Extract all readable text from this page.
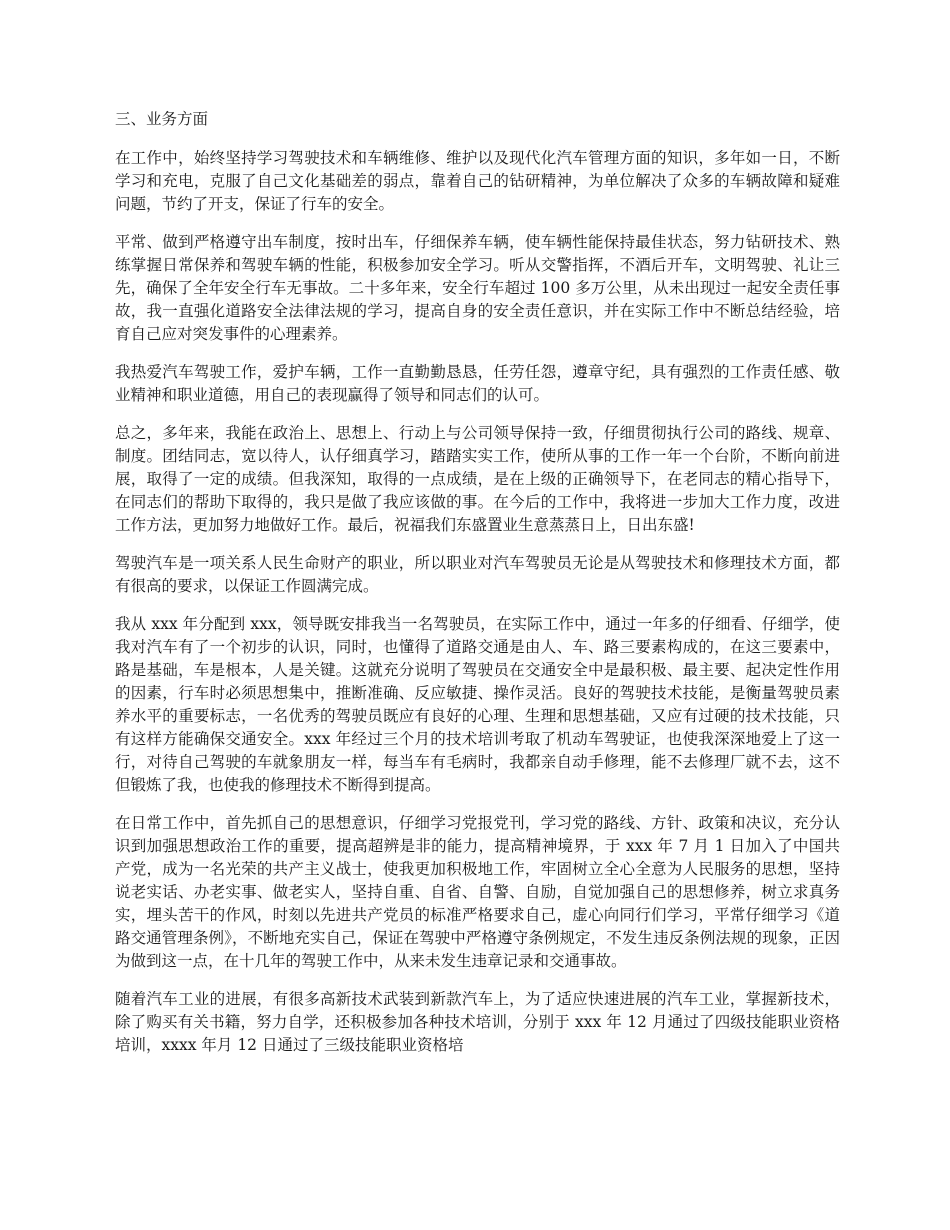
三、业务方面

在工作中，始终坚持学习驾驶技术和车辆维修、维护以及现代化汽车管理方面的知识，多年如一日，不断学习和充电，克服了自己文化基础差的弱点，靠着自己的钻研精神，为单位解决了众多的车辆故障和疑难问题，节约了开支，保证了行车的安全。

平常、做到严格遵守出车制度，按时出车，仔细保养车辆，使车辆性能保持最佳状态，努力钻研技术、熟练掌握日常保养和驾驶车辆的性能，积极参加安全学习。听从交警指挥，不酒后开车，文明驾驶、礼让三先，确保了全年安全行车无事故。二十多年来，安全行车超过 100 多万公里，从未出现过一起安全责任事故，我一直强化道路安全法律法规的学习，提高自身的安全责任意识，并在实际工作中不断总结经验，培育自己应对突发事件的心理素养。

我热爱汽车驾驶工作，爱护车辆，工作一直勤勤恳恳，任劳任怨，遵章守纪，具有强烈的工作责任感、敬业精神和职业道德，用自己的表现赢得了领导和同志们的认可。

总之，多年来，我能在政治上、思想上、行动上与公司领导保持一致，仔细贯彻执行公司的路线、规章、制度。团结同志，宽以待人，认仔细真学习，踏踏实实工作，使所从事的工作一年一个台阶，不断向前进展，取得了一定的成绩。但我深知，取得的一点成绩，是在上级的正确领导下，在老同志的精心指导下，在同志们的帮助下取得的，我只是做了我应该做的事。在今后的工作中，我将进一步加大工作力度，改进工作方法，更加努力地做好工作。最后，祝福我们东盛置业生意蒸蒸日上，日出东盛!

驾驶汽车是一项关系人民生命财产的职业，所以职业对汽车驾驶员无论是从驾驶技术和修理技术方面，都有很高的要求，以保证工作圆满完成。

我从 xxx 年分配到 xxx，领导既安排我当一名驾驶员，在实际工作中，通过一年多的仔细看、仔细学，使我对汽车有了一个初步的认识，同时，也懂得了道路交通是由人、车、路三要素构成的，在这三要素中，路是基础，车是根本，人是关键。这就充分说明了驾驶员在交通安全中是最积极、最主要、起决定性作用的因素，行车时必须思想集中，推断准确、反应敏捷、操作灵活。良好的驾驶技术技能，是衡量驾驶员素养水平的重要标志，一名优秀的驾驶员既应有良好的心理、生理和思想基础，又应有过硬的技术技能，只有这样方能确保交通安全。xxx 年经过三个月的技术培训考取了机动车驾驶证，也使我深深地爱上了这一行，对待自己驾驶的车就象朋友一样，每当车有毛病时，我都亲自动手修理，能不去修理厂就不去，这不但锻炼了我，也使我的修理技术不断得到提高。

在日常工作中，首先抓自己的思想意识，仔细学习党报党刊，学习党的路线、方针、政策和决议，充分认识到加强思想政治工作的重要，提高超辨是非的能力，提高精神境界，于 xxx 年 7 月 1 日加入了中国共产党，成为一名光荣的共产主义战士，使我更加积极地工作，牢固树立全心全意为人民服务的思想，坚持说老实话、办老实事、做老实人，坚持自重、自省、自警、自励，自觉加强自己的思想修养，树立求真务实，埋头苦干的作风，时刻以先进共产党员的标准严格要求自己，虚心向同行们学习，平常仔细学习《道路交通管理条例》，不断地充实自己，保证在驾驶中严格遵守条例规定，不发生违反条例法规的现象，正因为做到这一点，在十几年的驾驶工作中，从来未发生违章记录和交通事故。

随着汽车工业的进展，有很多高新技术武装到新款汽车上，为了适应快速进展的汽车工业，掌握新技术，除了购买有关书籍，努力自学，还积极参加各种技术培训，分别于 xxx 年 12 月通过了四级技能职业资格培训，xxxx 年月 12 日通过了三级技能职业资格培
